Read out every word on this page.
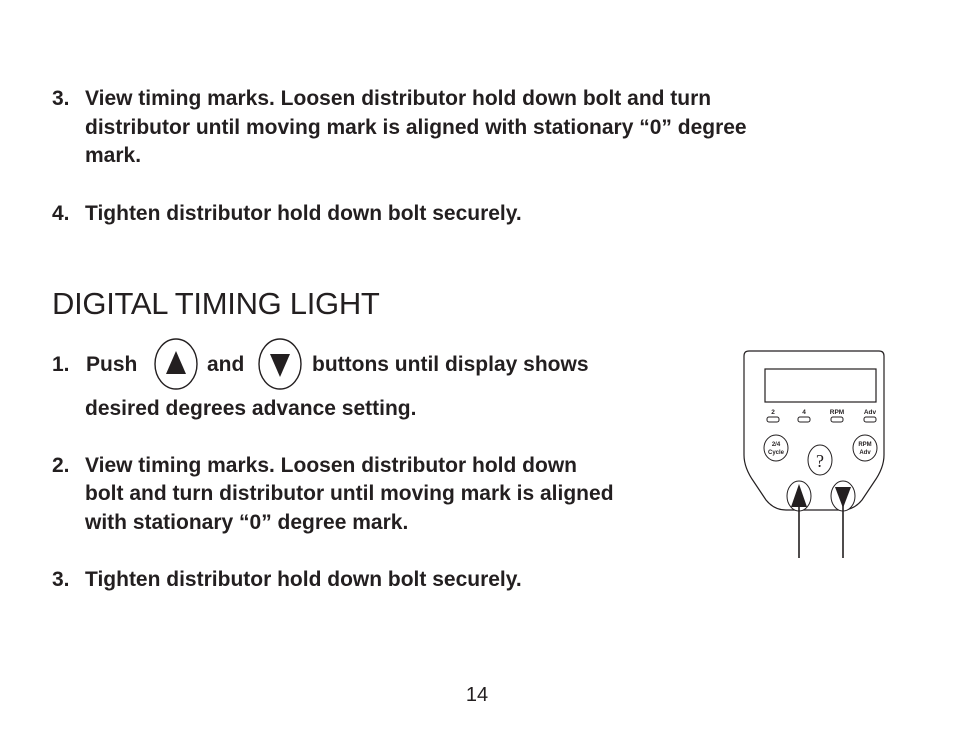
3. View timing marks. Loosen distributor hold down bolt and turn
distributor until moving mark is aligned with stationary “0” degree
mark.
4. Tighten distributor hold down bolt securely.
DIGITAL TIMING LIGHT
1. Push	and	buttons until display shows
desired degrees advance setting.
2. View timing marks. Loosen distributor hold down
bolt and turn distributor until moving mark is aligned
with stationary “0” degree mark.
3. Tighten distributor hold down bolt securely.
2	4	RPM	Adv
2/4
Cycle ?
RPM
Adv
14
